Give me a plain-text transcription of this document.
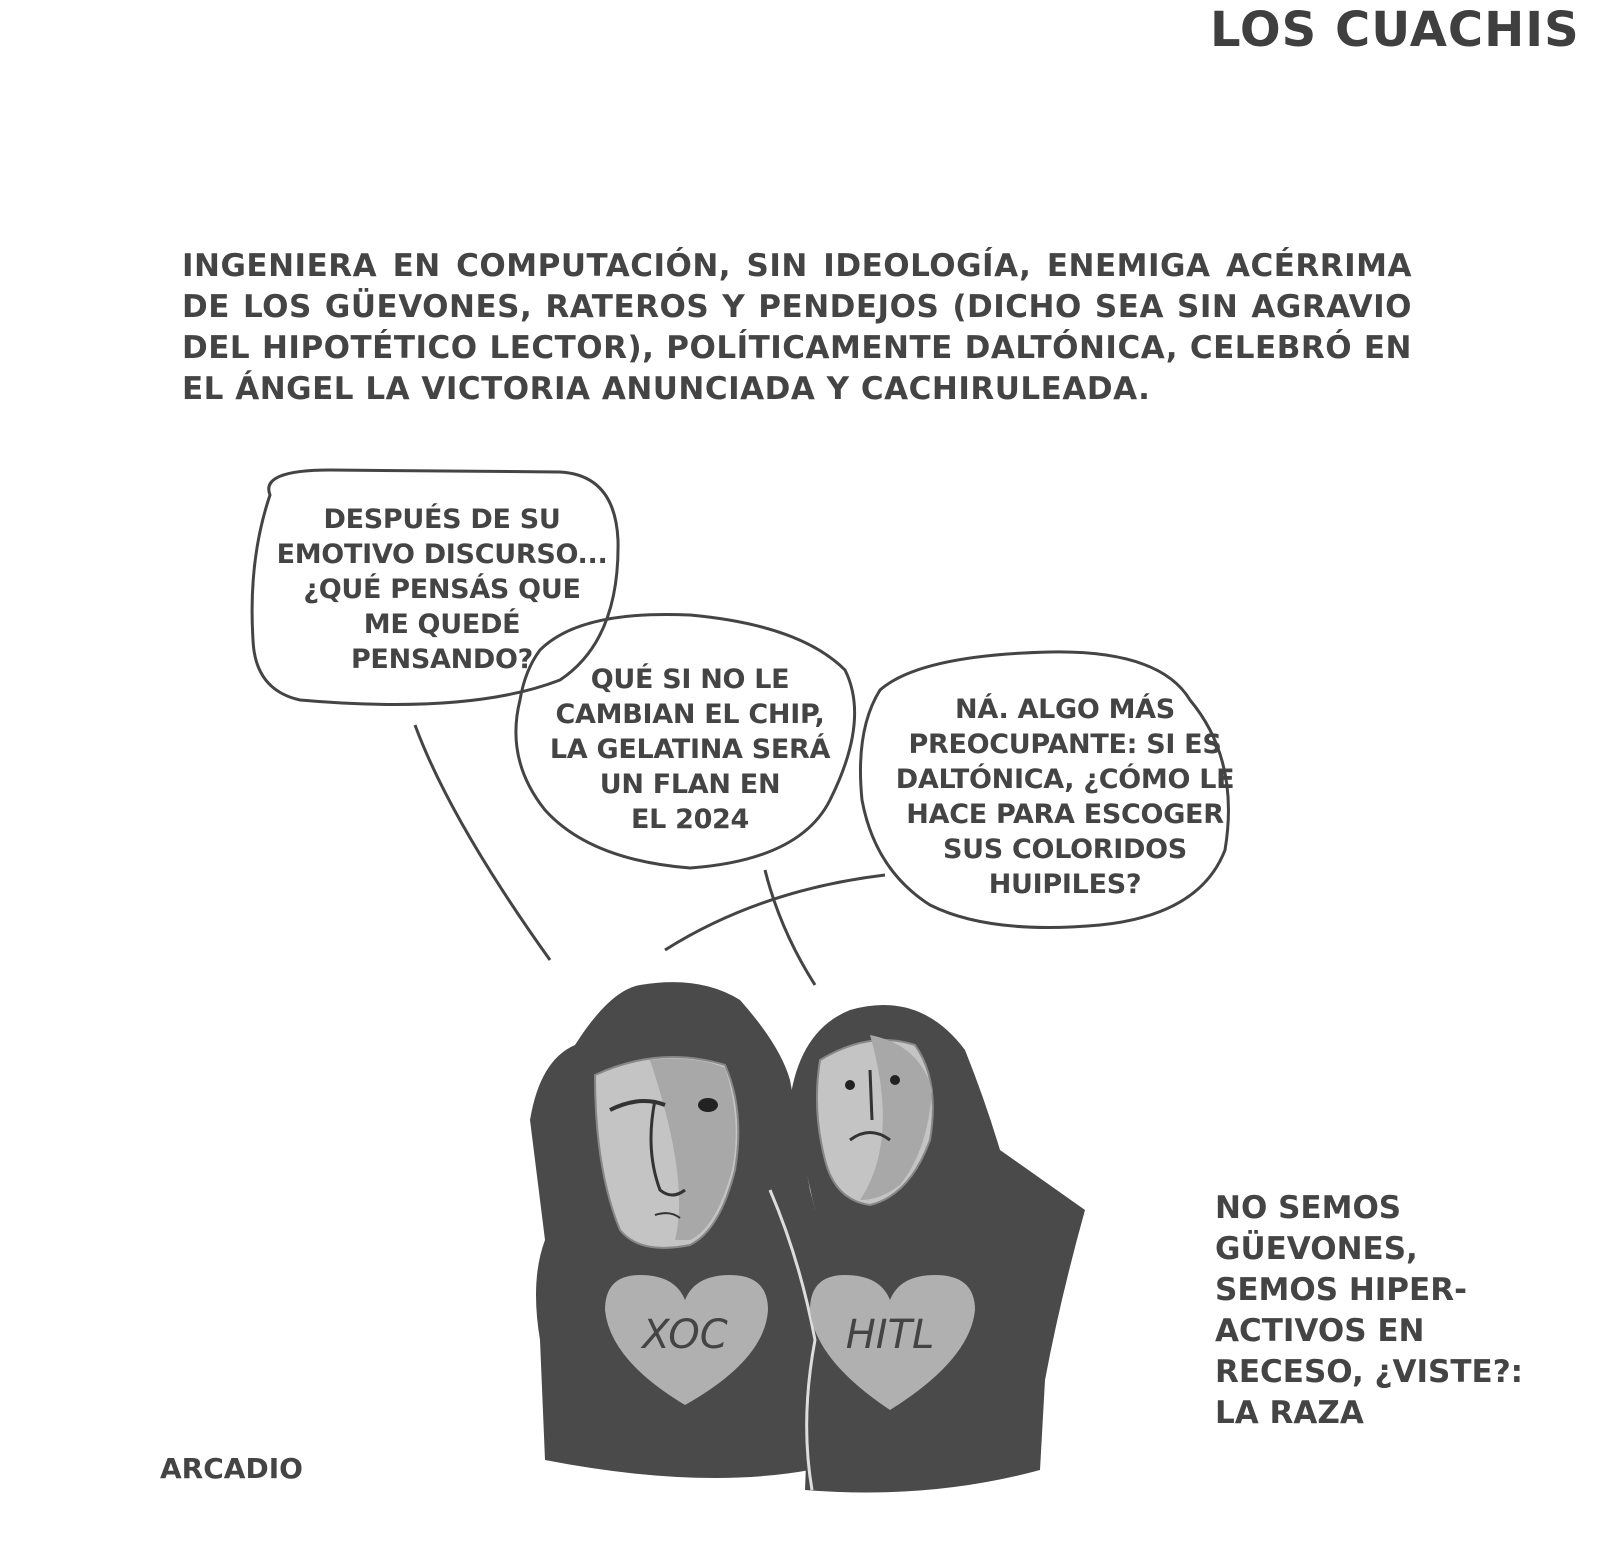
LOS CUACHIS
INGENIERA EN COMPUTACIÓN, SIN IDEOLOGÍA, ENEMIGA ACÉRRIMA DE LOS GÜEVONES, RATEROS Y PENDEJOS (DICHO SEA SIN AGRAVIO DEL HIPOTÉTICO LECTOR), POLÍTICAMENTE DALTÓNICA, CELEBRÓ EN EL ÁNGEL LA VICTORIA ANUNCIADA Y CACHIRULEADA.
XOC	HITL
DESPUÉS DE SU
EMOTIVO DISCURSO...
¿QUÉ PENSÁS QUE
ME QUEDÉ
PENSANDO?
QUÉ SI NO LE
CAMBIAN EL CHIP,
LA GELATINA SERÁ
UN FLAN EN
EL 2024
NÁ. ALGO MÁS
PREOCUPANTE: SI ES
DALTÓNICA, ¿CÓMO LE
HACE PARA ESCOGER
SUS COLORIDOS
HUIPILES?
NO SEMOS
GÜEVONES,
SEMOS HIPER-
ACTIVOS EN
RECESO, ¿VISTE?:
LA RAZA
ARCADIO
